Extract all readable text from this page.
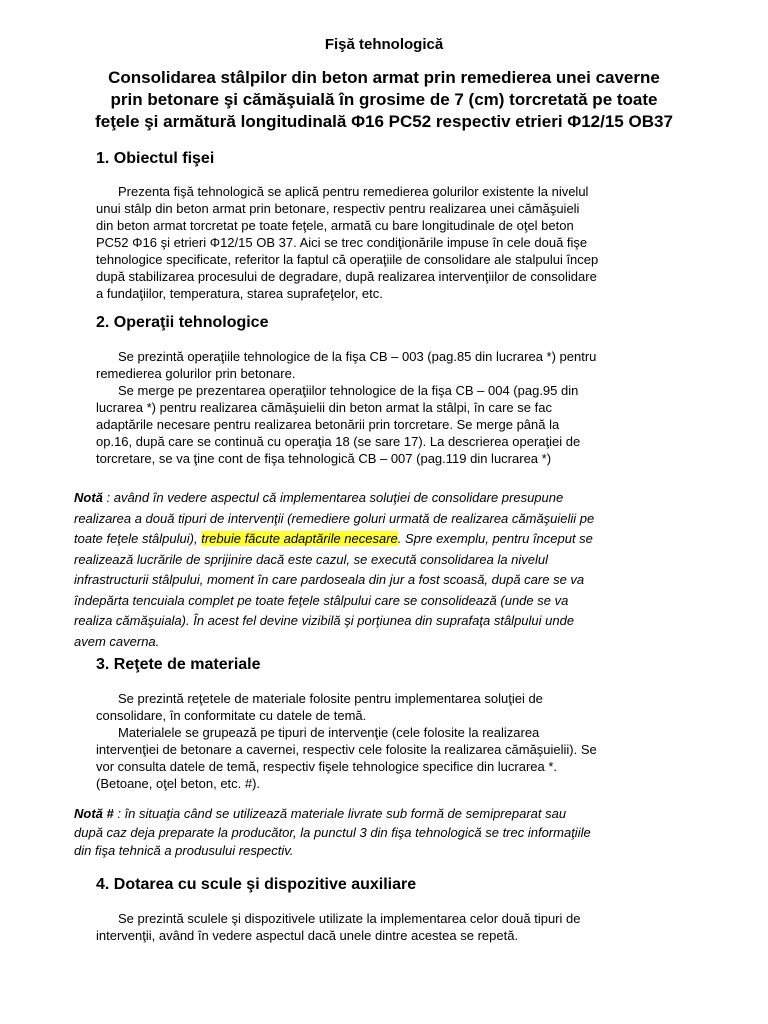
Fişă tehnologică
Consolidarea stâlpilor din beton armat prin remedierea unei caverne
prin betonare şi cămăşuială în grosime de 7 (cm) torcretată pe toate
feţele şi armătură longitudinală Φ16 PC52 respectiv etrieri Φ12/15 OB37
1. Obiectul fişei
Prezenta fişă tehnologică se aplică pentru remedierea golurilor existente la nivelul
unui stâlp din beton armat prin betonare, respectiv pentru realizarea unei cămăşuieli
din beton armat torcretat pe toate feţele, armată cu bare longitudinale de oţel beton
PC52 Φ16 şi etrieri Φ12/15 OB 37. Aici se trec condiţionările impuse în cele două fişe
tehnologice specificate, referitor la faptul că operaţiile de consolidare ale stalpului încep
după stabilizarea procesului de degradare, după realizarea intervenţiilor de consolidare
a fundaţiilor, temperatura, starea suprafeţelor, etc.
2. Operaţii tehnologice
Se prezintă operaţiile tehnologice de la fişa CB – 003 (pag.85 din lucrarea *) pentru
remedierea golurilor prin betonare.
Se merge pe prezentarea operaţiilor tehnologice de la fişa CB – 004 (pag.95 din
lucrarea *) pentru realizarea cămăşuielii din beton armat la stâlpi, în care se fac
adaptările necesare pentru realizarea betonării prin torcretare. Se merge până la
op.16, după care se continuă cu operaţia 18 (se sare 17). La descrierea operaţiei de
torcretare, se va ţine cont de fişa tehnologică CB – 007 (pag.119 din lucrarea *)
Notă : având în vedere aspectul că implementarea soluţiei de consolidare presupune
realizarea a două tipuri de intervenţii (remediere goluri urmată de realizarea cămăşuielii pe
toate feţele stâlpului), trebuie făcute adaptările necesare. Spre exemplu, pentru început se
realizează lucrările de sprijinire dacă este cazul, se execută consolidarea la nivelul
infrastructurii stâlpului, moment în care pardoseala din jur a fost scoasă, după care se va
îndepărta tencuiala complet pe toate feţele stâlpului care se consolidează (unde se va
realiza cămăşuiala). În acest fel devine vizibilă şi porţiunea din suprafaţa stâlpului unde
avem caverna.
3. Reţete de materiale
Se prezintă reţetele de materiale folosite pentru implementarea soluţiei de
consolidare, în conformitate cu datele de temă.
Materialele se grupează pe tipuri de intervenţie (cele folosite la realizarea
intervenţiei de betonare a cavernei, respectiv cele folosite la realizarea cămăşuielii). Se
vor consulta datele de temă, respectiv fişele tehnologice specifice din lucrarea *.
(Betoane, oţel beton, etc. #).
Notă # : în situaţia când se utilizează materiale livrate sub formă de semipreparat sau
după caz deja preparate la producător, la punctul 3 din fişa tehnologică se trec informaţiile
din fişa tehnică a produsului respectiv.
4. Dotarea cu scule şi dispozitive auxiliare
Se prezintă sculele şi dispozitivele utilizate la implementarea celor două tipuri de
intervenţii, având în vedere aspectul dacă unele dintre acestea se repetă.
